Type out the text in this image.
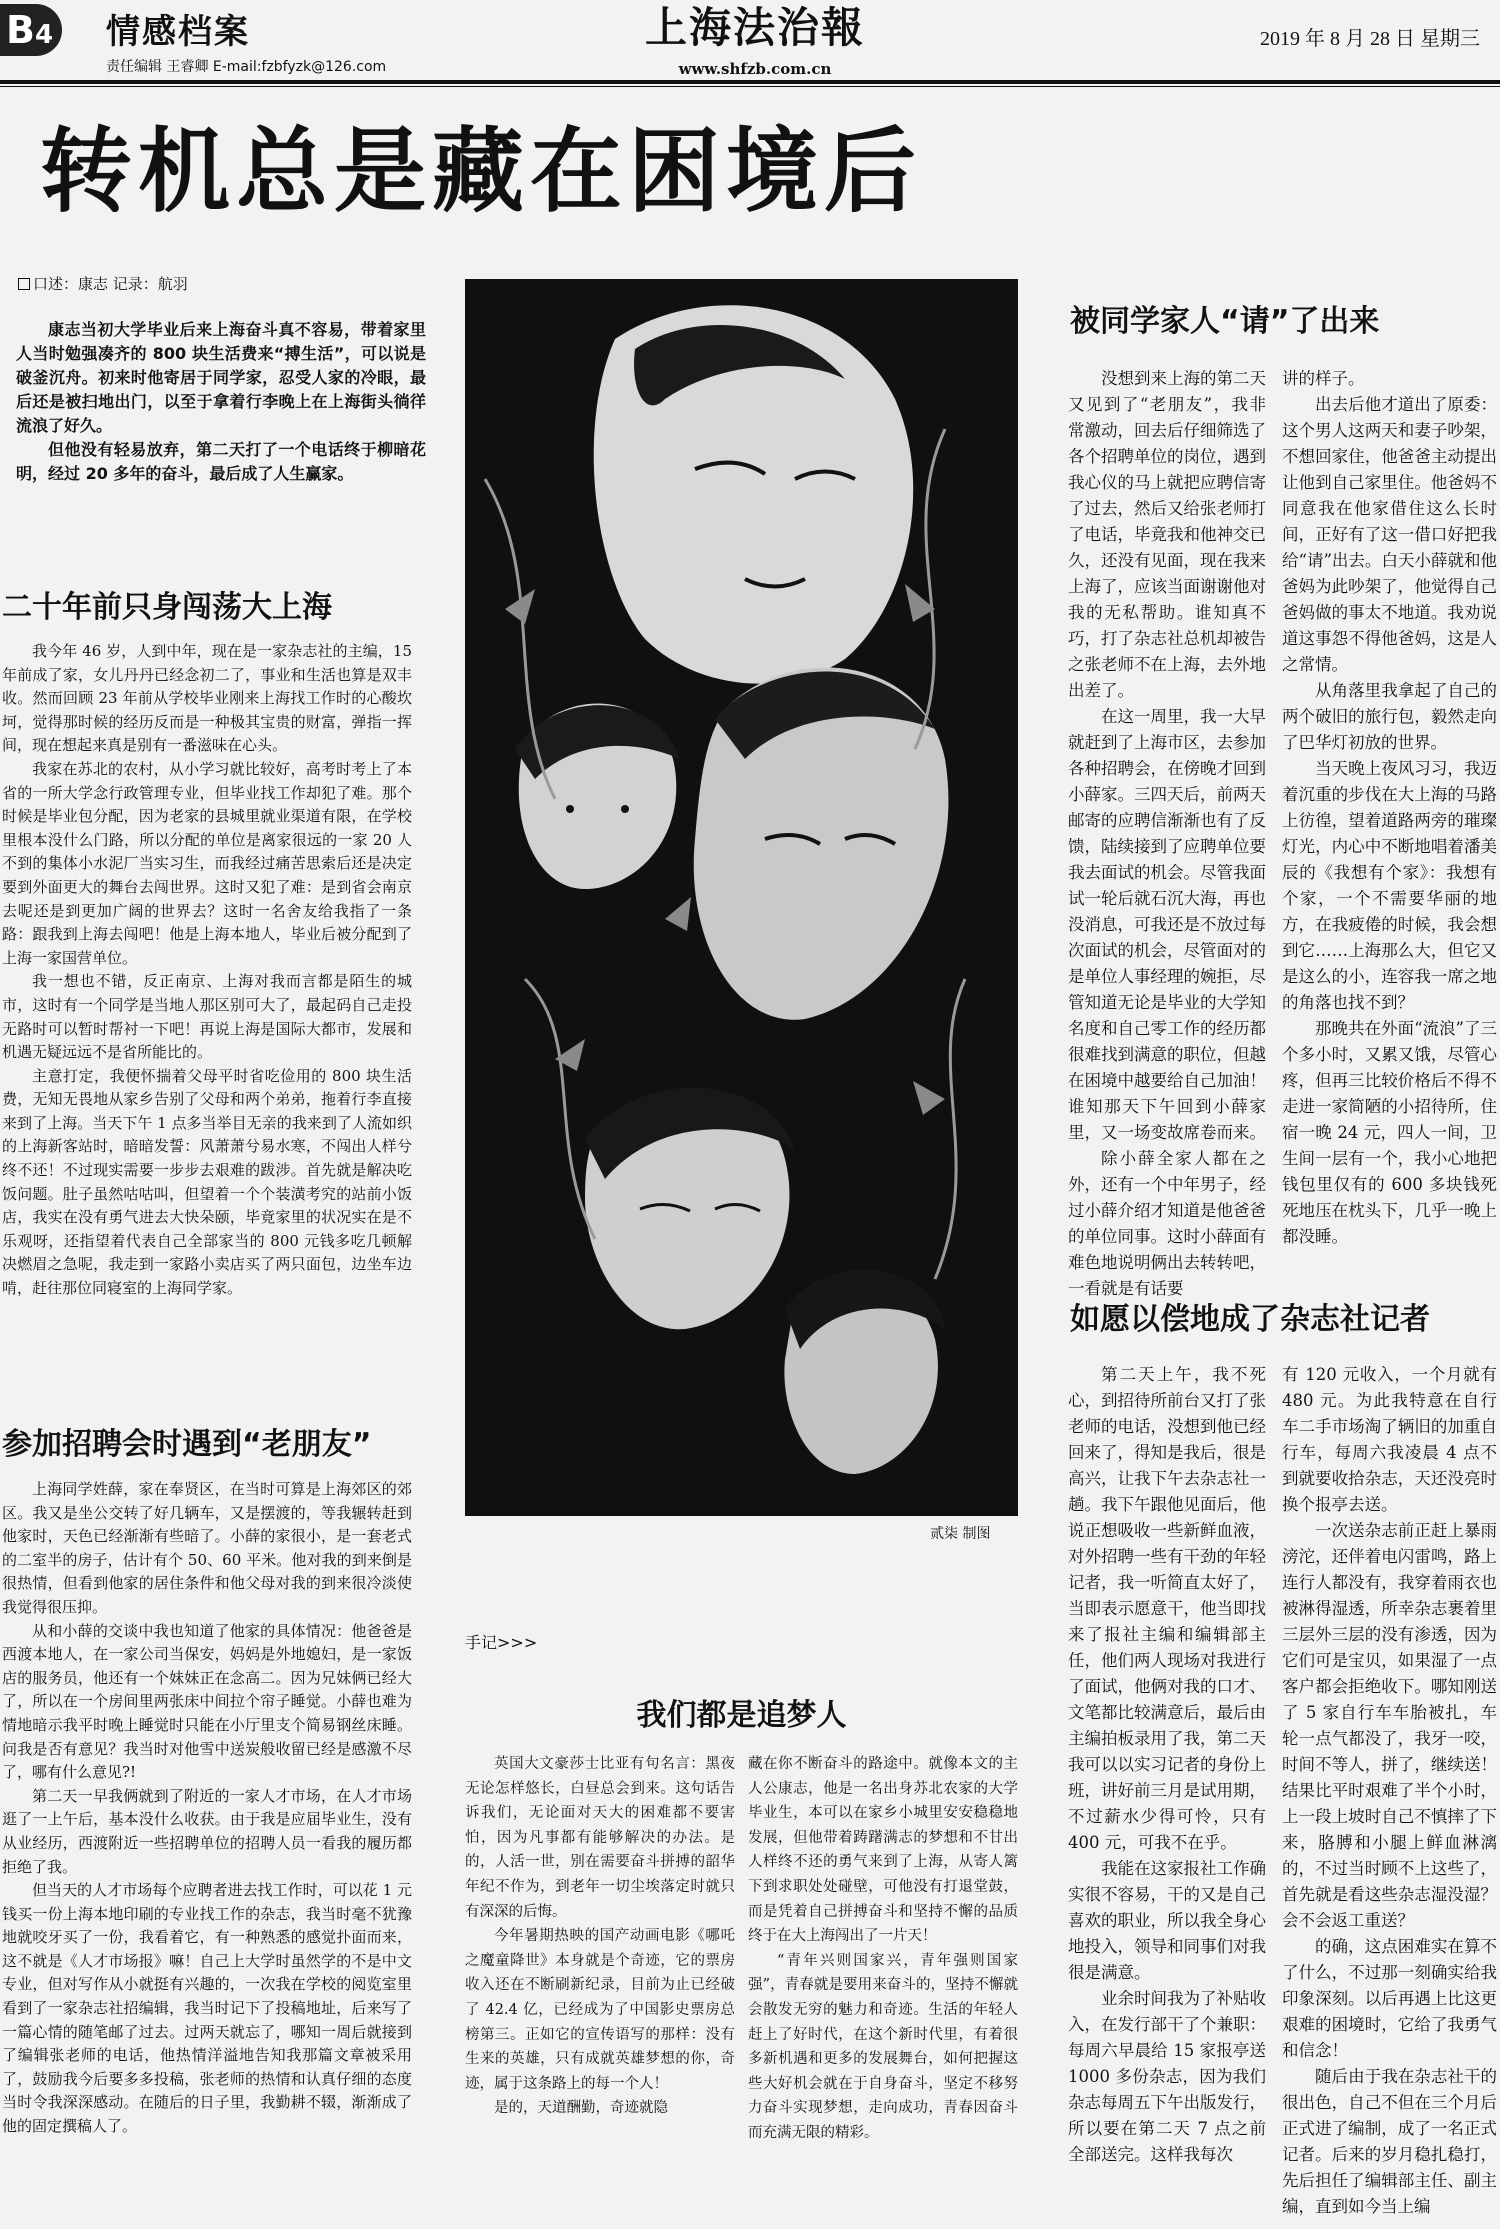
B4 情感档案
责任编辑 王睿卿 E-mail:fzbfyzk@126.com
上海法治報
www.shfzb.com.cn
2019 年 8 月 28 日 星期三
转机总是藏在困境后
口述：康志 记录：航羽

康志当初大学毕业后来上海奋斗真不容易，带着家里人当时勉强凑齐的 800 块生活费来“搏生活”，可以说是破釜沉舟。初来时他寄居于同学家，忍受人家的冷眼，最后还是被扫地出门，以至于拿着行李晚上在上海街头徜徉流浪了好久。

但他没有轻易放弃，第二天打了一个电话终于柳暗花明，经过 20 多年的奋斗，最后成了人生赢家。

二十年前只身闯荡大上海

我今年 46 岁，人到中年，现在是一家杂志社的主编，15 年前成了家，女儿丹丹已经念初二了，事业和生活也算是双丰收。然而回顾 23 年前从学校毕业刚来上海找工作时的心酸坎坷，觉得那时候的经历反而是一种极其宝贵的财富，弹指一挥间，现在想起来真是别有一番滋味在心头。

我家在苏北的农村，从小学习就比较好，高考时考上了本省的一所大学念行政管理专业，但毕业找工作却犯了难。那个时候是毕业包分配，因为老家的县城里就业渠道有限，在学校里根本没什么门路，所以分配的单位是离家很远的一家 20 人不到的集体小水泥厂当实习生，而我经过痛苦思索后还是决定要到外面更大的舞台去闯世界。这时又犯了难：是到省会南京去呢还是到更加广阔的世界去？这时一名舍友给我指了一条路：跟我到上海去闯吧！他是上海本地人，毕业后被分配到了上海一家国营单位。

我一想也不错，反正南京、上海对我而言都是陌生的城市，这时有一个同学是当地人那区别可大了，最起码自己走投无路时可以暂时帮衬一下吧！再说上海是国际大都市，发展和机遇无疑远远不是省所能比的。

主意打定，我便怀揣着父母平时省吃俭用的 800 块生活费，无知无畏地从家乡告别了父母和两个弟弟，拖着行李直接来到了上海。当天下午 1 点多当举目无亲的我来到了人流如织的上海新客站时，暗暗发誓：风萧萧兮易水寒，不闯出人样兮终不还！不过现实需要一步步去艰难的跋涉。首先就是解决吃饭问题。肚子虽然咕咕叫，但望着一个个装潢考究的站前小饭店，我实在没有勇气进去大快朵颐，毕竟家里的状况实在是不乐观呀，还指望着代表自己全部家当的 800 元钱多吃几顿解决燃眉之急呢，我走到一家路小卖店买了两只面包，边坐车边啃，赶往那位同寝室的上海同学家。

参加招聘会时遇到“老朋友”

上海同学姓薛，家在奉贤区，在当时可算是上海郊区的郊区。我又是坐公交转了好几辆车，又是摆渡的，等我辗转赶到他家时，天色已经渐渐有些暗了。小薛的家很小，是一套老式的二室半的房子，估计有个 50、60 平米。他对我的到来倒是很热情，但看到他家的居住条件和他父母对我的到来很冷淡使我觉得很压抑。

从和小薛的交谈中我也知道了他家的具体情况：他爸爸是西渡本地人，在一家公司当保安，妈妈是外地媳妇，是一家饭店的服务员，他还有一个妹妹正在念高二。因为兄妹俩已经大了，所以在一个房间里两张床中间拉个帘子睡觉。小薛也难为情地暗示我平时晚上睡觉时只能在小厅里支个简易钢丝床睡。问我是否有意见？我当时对他雪中送炭般收留已经是感激不尽了，哪有什么意见?!

第二天一早我俩就到了附近的一家人才市场，在人才市场逛了一上午后，基本没什么收获。由于我是应届毕业生，没有从业经历，西渡附近一些招聘单位的招聘人员一看我的履历都拒绝了我。

但当天的人才市场每个应聘者进去找工作时，可以花 1 元钱买一份上海本地印刷的专业找工作的杂志，我当时毫不犹豫地就咬牙买了一份，我看着它，有一种熟悉的感觉扑面而来，这不就是《人才市场报》嘛！自己上大学时虽然学的不是中文专业，但对写作从小就挺有兴趣的，一次我在学校的阅览室里看到了一家杂志社招编辑，我当时记下了投稿地址，后来写了一篇心情的随笔邮了过去。过两天就忘了，哪知一周后就接到了编辑张老师的电话，他热情洋溢地告知我那篇文章被采用了，鼓励我今后要多多投稿，张老师的热情和认真仔细的态度当时令我深深感动。在随后的日子里，我勤耕不辍，渐渐成了他的固定撰稿人了。

贰柒 制图
手记>>>
我们都是追梦人

英国大文豪莎士比亚有句名言：黑夜无论怎样悠长，白昼总会到来。这句话告诉我们，无论面对天大的困难都不要害怕，因为凡事都有能够解决的办法。是的，人活一世，别在需要奋斗拼搏的韶华年纪不作为，到老年一切尘埃落定时就只有深深的后悔。

今年暑期热映的国产动画电影《哪吒之魔童降世》本身就是个奇迹，它的票房收入还在不断刷新纪录，目前为止已经破了 42.4 亿，已经成为了中国影史票房总榜第三。正如它的宣传语写的那样：没有生来的英雄，只有成就英雄梦想的你，奇迹，属于这条路上的每一个人！

是的，天道酬勤，奇迹就隐

藏在你不断奋斗的路途中。就像本文的主人公康志，他是一名出身苏北农家的大学毕业生，本可以在家乡小城里安安稳稳地发展，但他带着踌躇满志的梦想和不甘出人样终不还的勇气来到了上海，从寄人篱下到求职处处碰壁，可他没有打退堂鼓，而是凭着自己拼搏奋斗和坚持不懈的品质终于在大上海闯出了一片天！

“青年兴则国家兴，青年强则国家强”，青春就是要用来奋斗的，坚持不懈就会散发无穷的魅力和奇迹。生活的年轻人赶上了好时代，在这个新时代里，有着很多新机遇和更多的发展舞台，如何把握这些大好机会就在于自身奋斗，坚定不移努力奋斗实现梦想，走向成功，青春因奋斗而充满无限的精彩。

被同学家人“请”了出来

没想到来上海的第二天又见到了“老朋友”，我非常激动，回去后仔细筛选了各个招聘单位的岗位，遇到我心仪的马上就把应聘信寄了过去，然后又给张老师打了电话，毕竟我和他神交已久，还没有见面，现在我来上海了，应该当面谢谢他对我的无私帮助。谁知真不巧，打了杂志社总机却被告之张老师不在上海，去外地出差了。

在这一周里，我一大早就赶到了上海市区，去参加各种招聘会，在傍晚才回到小薛家。三四天后，前两天邮寄的应聘信渐渐也有了反馈，陆续接到了应聘单位要我去面试的机会。尽管我面试一轮后就石沉大海，再也没消息，可我还是不放过每次面试的机会，尽管面对的是单位人事经理的婉拒，尽管知道无论是毕业的大学知名度和自己零工作的经历都很难找到满意的职位，但越在困境中越要给自己加油！谁知那天下午回到小薛家里，又一场变故席卷而来。

除小薛全家人都在之外，还有一个中年男子，经过小薛介绍才知道是他爸爸的单位同事。这时小薛面有难色地说明俩出去转转吧，一看就是有话要

讲的样子。

出去后他才道出了原委：这个男人这两天和妻子吵架，不想回家住，他爸爸主动提出让他到自己家里住。他爸妈不同意我在他家借住这么长时间，正好有了这一借口好把我给“请”出去。白天小薛就和他爸妈为此吵架了，他觉得自己爸妈做的事太不地道。我劝说道这事怨不得他爸妈，这是人之常情。

从角落里我拿起了自己的两个破旧的旅行包，毅然走向了巴华灯初放的世界。

当天晚上夜风习习，我迈着沉重的步伐在大上海的马路上彷徨，望着道路两旁的璀璨灯光，内心中不断地唱着潘美辰的《我想有个家》：我想有个家，一个不需要华丽的地方，在我疲倦的时候，我会想到它……上海那么大，但它又是这么的小，连容我一席之地的角落也找不到？

那晚共在外面“流浪”了三个多小时，又累又饿，尽管心疼，但再三比较价格后不得不走进一家简陋的小招待所，住宿一晚 24 元，四人一间，卫生间一层有一个，我小心地把钱包里仅有的 600 多块钱死死地压在枕头下，几乎一晚上都没睡。

如愿以偿地成了杂志社记者

第二天上午，我不死心，到招待所前台又打了张老师的电话，没想到他已经回来了，得知是我后，很是高兴，让我下午去杂志社一趟。我下午跟他见面后，他说正想吸收一些新鲜血液，对外招聘一些有干劲的年轻记者，我一听简直太好了，当即表示愿意干，他当即找来了报社主编和编辑部主任，他们两人现场对我进行了面试，他俩对我的口才、文笔都比较满意后，最后由主编拍板录用了我，第二天我可以以实习记者的身份上班，讲好前三月是试用期，不过薪水少得可怜，只有 400 元，可我不在乎。

我能在这家报社工作确实很不容易，干的又是自己喜欢的职业，所以我全身心地投入，领导和同事们对我很是满意。

业余时间我为了补贴收入，在发行部干了个兼职：每周六早晨给 15 家报亭送 1000 多份杂志，因为我们杂志每周五下午出版发行，所以要在第二天 7 点之前全部送完。这样我每次

有 120 元收入，一个月就有 480 元。为此我特意在自行车二手市场淘了辆旧的加重自行车，每周六我凌晨 4 点不到就要收拾杂志，天还没亮时换个报亭去送。

一次送杂志前正赶上暴雨滂沱，还伴着电闪雷鸣，路上连行人都没有，我穿着雨衣也被淋得湿透，所幸杂志裹着里三层外三层的没有渗透，因为它们可是宝贝，如果湿了一点客户都会拒绝收下。哪知刚送了 5 家自行车车胎被扎，车轮一点气都没了，我牙一咬，时间不等人，拼了，继续送！结果比平时艰难了半个小时，上一段上坡时自己不慎摔了下来，胳膊和小腿上鲜血淋漓的，不过当时顾不上这些了，首先就是看这些杂志湿没湿？会不会返工重送？

的确，这点困难实在算不了什么，不过那一刻确实给我印象深刻。以后再遇上比这更艰难的困境时，它给了我勇气和信念！

随后由于我在杂志社干的很出色，自己不但在三个月后正式进了编制，成了一名正式记者。后来的岁月稳扎稳打，先后担任了编辑部主任、副主编，直到如今当上编
